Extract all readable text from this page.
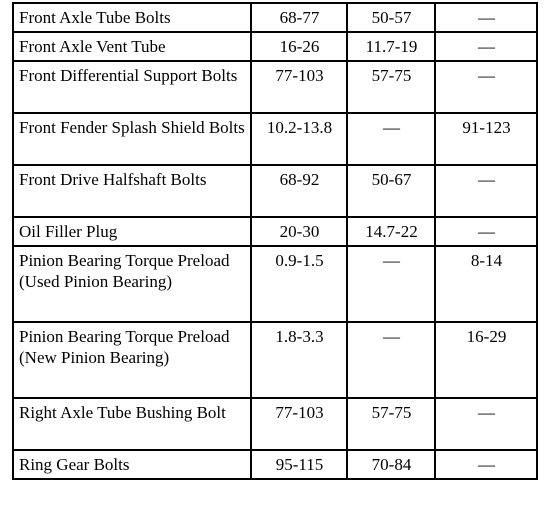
Front Axle Tube Bolts	68-77	50-57	—
Front Axle Vent Tube	16-26	11.7-19	—
Front Differential Support Bolts	77-103	57-75	—
Front Fender Splash Shield Bolts	10.2-13.8	—	91-123
Front Drive Halfshaft Bolts	68-92	50-67	—
Oil Filler Plug	20-30	14.7-22	—
Pinion Bearing Torque Preload (Used Pinion Bearing)	0.9-1.5	—	8-14
Pinion Bearing Torque Preload (New Pinion Bearing)	1.8-3.3	—	16-29
Right Axle Tube Bushing Bolt	77-103	57-75	—
Ring Gear Bolts	95-115	70-84	—
